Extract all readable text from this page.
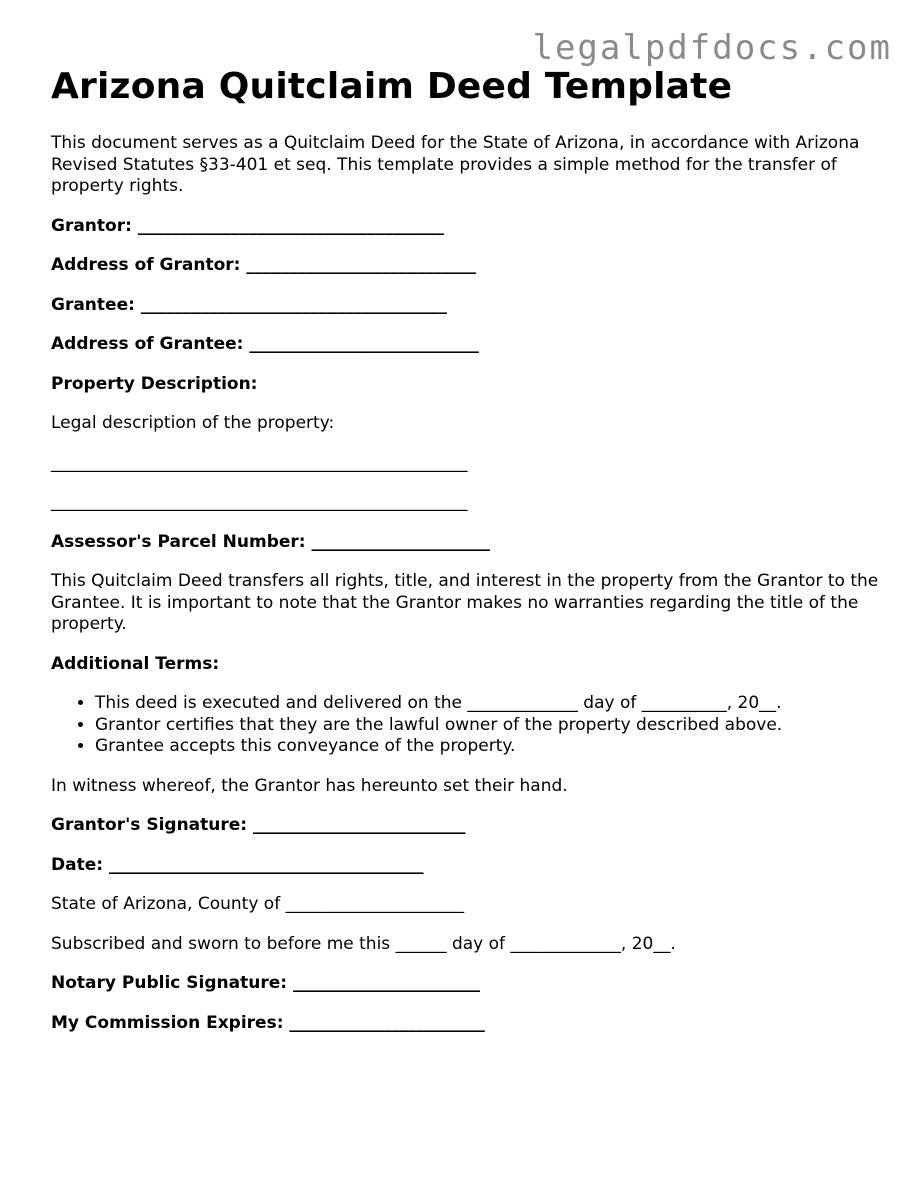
legalpdfdocs.com
Arizona Quitclaim Deed Template

This document serves as a Quitclaim Deed for the State of Arizona, in accordance with Arizona Revised Statutes §33-401 et seq. This template provides a simple method for the transfer of property rights.

Grantor: ____________________________________
Address of Grantor: ___________________________
Grantee: ____________________________________
Address of Grantee: ___________________________
Property Description:
Legal description of the property:
_________________________________________________
_________________________________________________
Assessor's Parcel Number: _____________________

This Quitclaim Deed transfers all rights, title, and interest in the property from the Grantor to the Grantee. It is important to note that the Grantor makes no warranties regarding the title of the property.

Additional Terms:
• This deed is executed and delivered on the _____________ day of __________, 20__.
• Grantor certifies that they are the lawful owner of the property described above.
• Grantee accepts this conveyance of the property.
In witness whereof, the Grantor has hereunto set their hand.
Grantor's Signature: _________________________
Date: _____________________________________
State of Arizona, County of _____________________
Subscribed and sworn to before me this ______ day of _____________, 20__.
Notary Public Signature: ______________________
My Commission Expires: _______________________
